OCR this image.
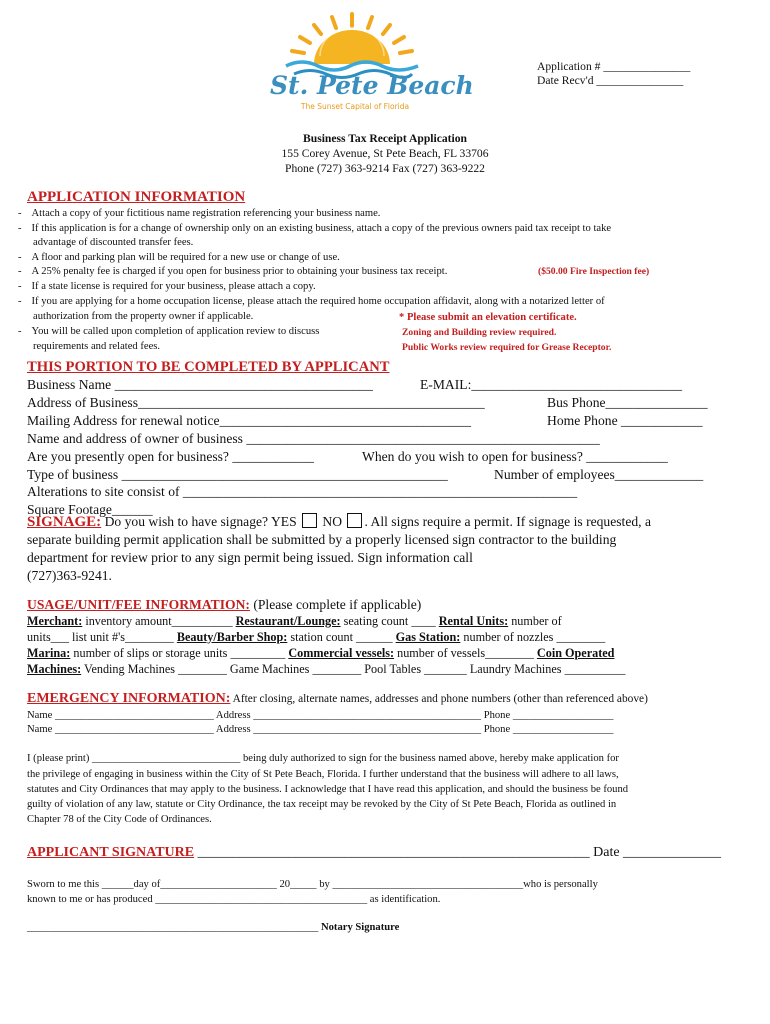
St. Pete Beach
The Sunset Capital of Florida
Application # _______________
Date Recv'd _______________
Business Tax Receipt Application
155 Corey Avenue, St Pete Beach, FL 33706
Phone (727) 363-9214 Fax (727) 363-9222
APPLICATION INFORMATION
- Attach a copy of your fictitious name registration referencing your business name.
- If this application is for a change of ownership only on an existing business, attach a copy of the previous owners paid tax receipt to take
advantage of discounted transfer fees.
- A floor and parking plan will be required for a new use or change of use.
- A 25% penalty fee is charged if you open for business prior to obtaining your business tax receipt.	($50.00 Fire Inspection fee)
- If a state license is required for your business, please attach a copy.
- If you are applying for a home occupation license, please attach the required home occupation affidavit, along with a notarized letter of
authorization from the property owner if applicable.	* Please submit an elevation certificate.
- You will be called upon completion of application review to discuss
requirements and related fees.
Zoning and Building review required.
Public Works review required for Grease Receptor.
THIS PORTION TO BE COMPLETED BY APPLICANT
Business Name ______________________________________	E-MAIL:_______________________________
Address of Business___________________________________________________	Bus Phone_______________
Mailing Address for renewal notice_____________________________________	Home Phone ____________
Name and address of owner of business ____________________________________________________
Are you presently open for business? ____________	When do you wish to open for business? ____________
Type of business ________________________________________________	Number of employees_____________
Alterations to site consist of __________________________________________________________
Square Footage______
SIGNAGE: Do you wish to have signage? YES  NO . All signs require a permit. If signage is requested, a
separate building permit application shall be submitted by a properly licensed sign contractor to the building
department for review prior to any sign permit being issued. Sign information call
(727)363-9241.
USAGE/UNIT/FEE INFORMATION: (Please complete if applicable)
Merchant: inventory amount__________ Restaurant/Lounge: seating count ____ Rental Units: number of
units___ list unit #'s________ Beauty/Barber Shop: station count ______ Gas Station: number of nozzles ________
Marina: number of slips or storage units _________ Commercial vessels: number of vessels________ Coin Operated
Machines: Vending Machines ________ Game Machines ________ Pool Tables _______ Laundry Machines __________
EMERGENCY INFORMATION: After closing, alternate names, addresses and phone numbers (other than referenced above)
Name ______________________________ Address ___________________________________________ Phone ___________________
Name ______________________________ Address ___________________________________________ Phone ___________________
I (please print) ____________________________ being duly authorized to sign for the business named above, hereby make application for
the privilege of engaging in business within the City of St Pete Beach, Florida. I further understand that the business will adhere to all laws,
statutes and City Ordinances that may apply to the business. I acknowledge that I have read this application, and should the business be found
guilty of violation of any law, statute or City Ordinance, the tax receipt may be revoked by the City of St Pete Beach, Florida as outlined in
Chapter 78 of the City Code of Ordinances.
APPLICANT SIGNATURE ________________________________________________________ Date ______________
Sworn to me this ______day of______________________ 20_____ by ____________________________________who is personally
known to me or has produced ________________________________________ as identification.
_______________________________________________________ Notary Signature
